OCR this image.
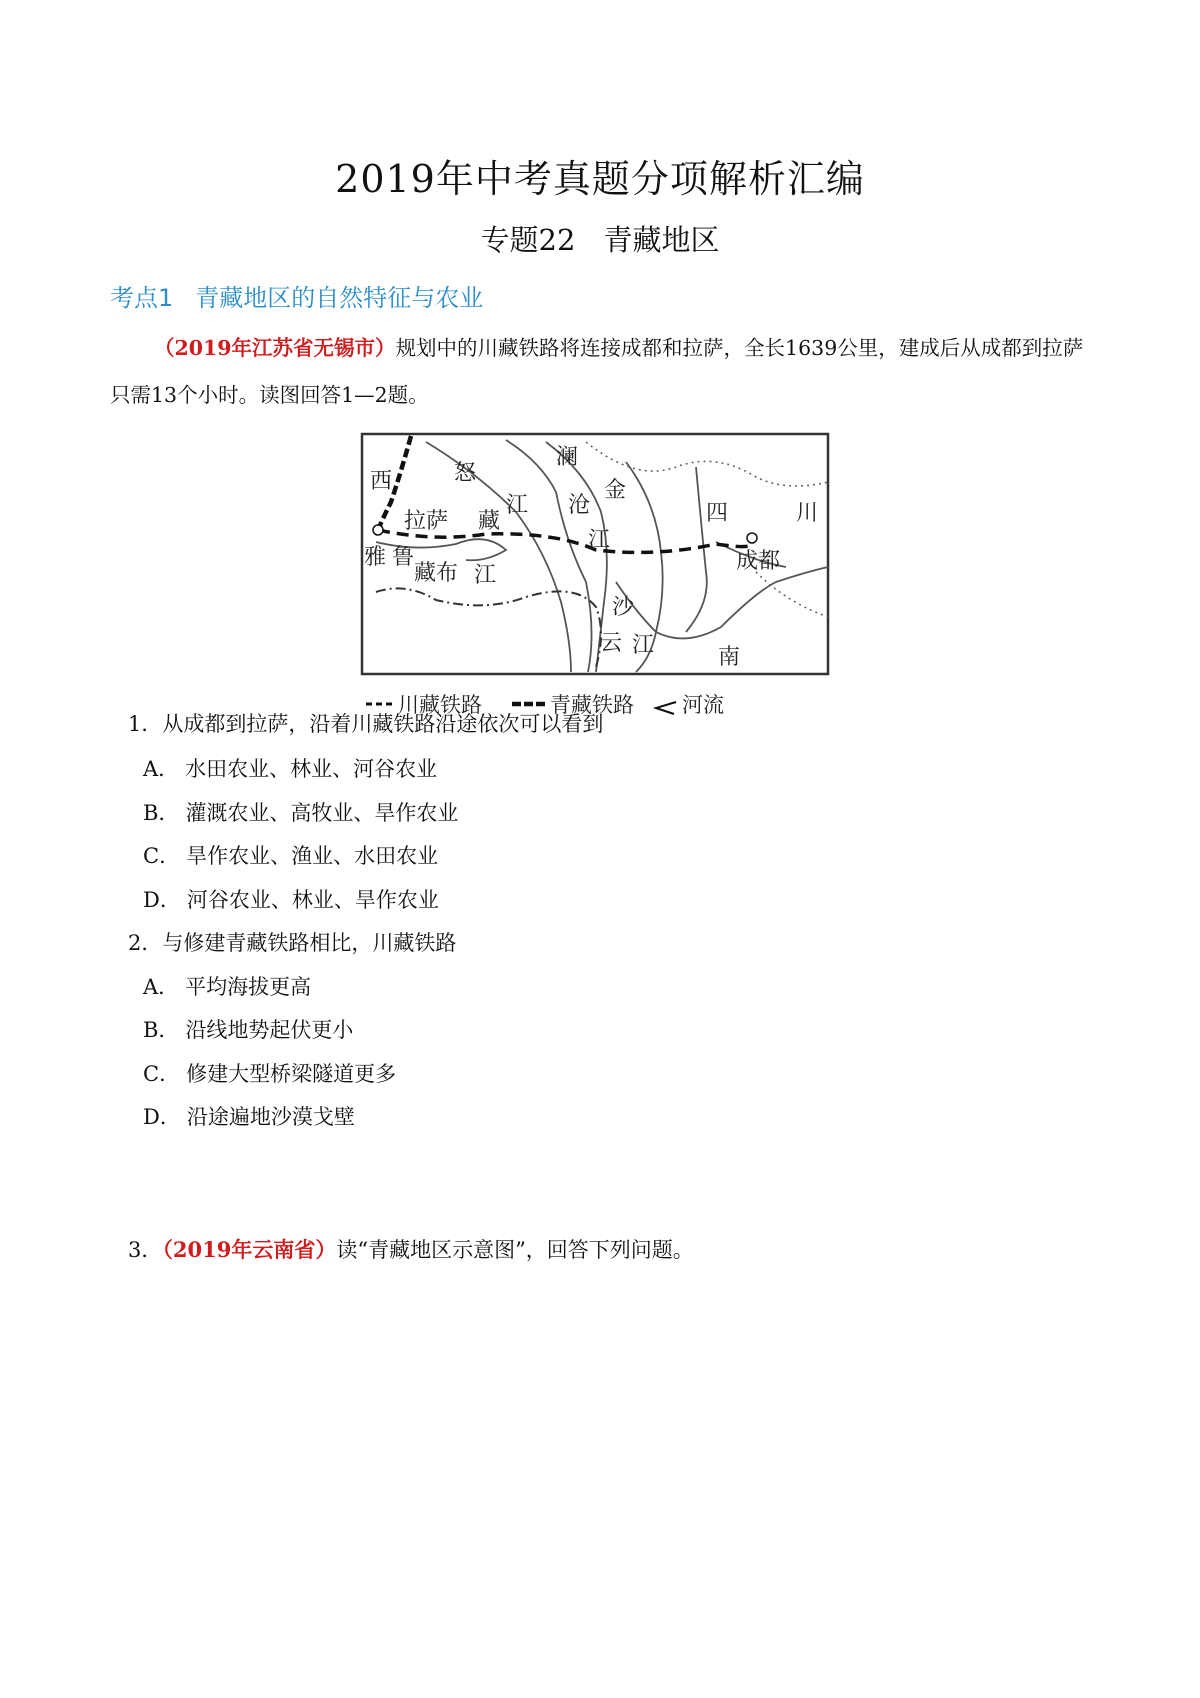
2019年中考真题分项解析汇编
专题22 青藏地区
考点1 青藏地区的自然特征与农业
（2019年江苏省无锡市）规划中的川藏铁路将连接成都和拉萨，全长1639公里，建成后从成都到拉萨
只需13个小时。读图回答1—2题。
西	怒
澜
江 沧
金
四	川
拉萨 藏
江
成都
雅 鲁
藏布 江
沙
云 江	南
川藏铁路	青藏铁路 河流
1．从成都到拉萨，沿着川藏铁路沿途依次可以看到
A． 水田农业、林业、河谷农业
B． 灌溉农业、高牧业、旱作农业
C． 旱作农业、渔业、水田农业
D． 河谷农业、林业、旱作农业
2．与修建青藏铁路相比，川藏铁路
A． 平均海拔更高
B． 沿线地势起伏更小
C． 修建大型桥梁隧道更多
D． 沿途遍地沙漠戈壁
3．（2019年云南省）读“青藏地区示意图”，回答下列问题。
